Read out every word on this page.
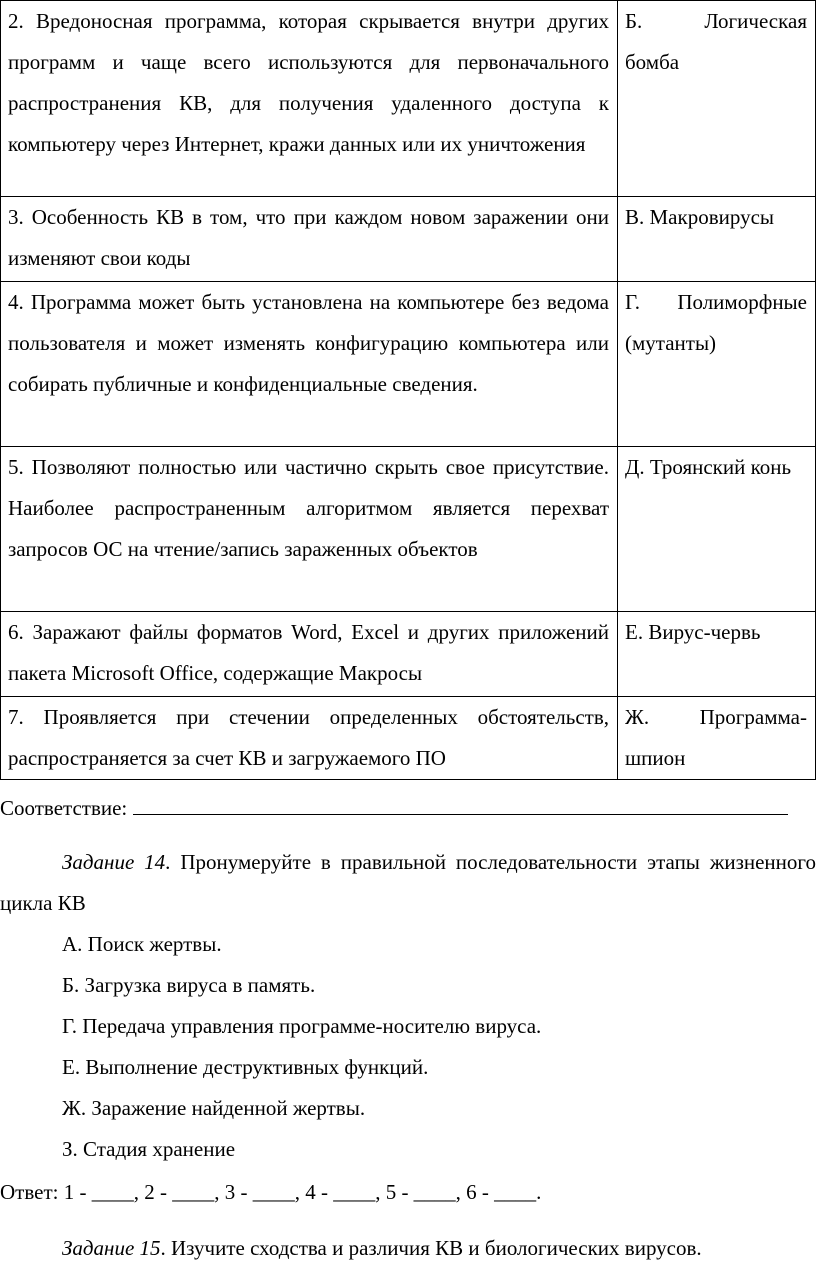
2. Вредоносная программа, которая скрывается внутри других программ и чаще всего используются для первоначального распространения КВ, для получения удаленного доступа к компьютеру через Интернет, кражи данных или их уничтожения	Б. Логическая бомба

3. Особенность КВ в том, что при каждом новом заражении они изменяют свои коды	В. Макровирусы

4. Программа может быть установлена на компьютере без ведома пользователя и может изменять конфигурацию компьютера или собирать публичные и конфиденциальные сведения.	Г. Полиморфные (мутанты)

5. Позволяют полностью или частично скрыть свое присутствие. Наиболее распространенным алгоритмом является перехват запросов ОС на чтение/запись зараженных объектов	Д. Троянский конь

6. Заражают файлы форматов Word, Excel и других приложений пакета Microsoft Office, содержащие Макросы	Е. Вирус-червь

7. Проявляется при стечении определенных обстоятельств, распространяется за счет КВ и загружаемого ПО	Ж. Программа-шпион
Соответствие:
Задание 14. Пронумеруйте в правильной последовательности этапы жизненного цикла КВ
А. Поиск жертвы.
Б. Загрузка вируса в память.
Г. Передача управления программе-носителю вируса.
Е. Выполнение деструктивных функций.
Ж. Заражение найденной жертвы.
З. Стадия хранение
Ответ: 1 - ____, 2 - ____, 3 - ____, 4 - ____, 5 - ____, 6 - ____.
Задание 15. Изучите сходства и различия КВ и биологических вирусов.
